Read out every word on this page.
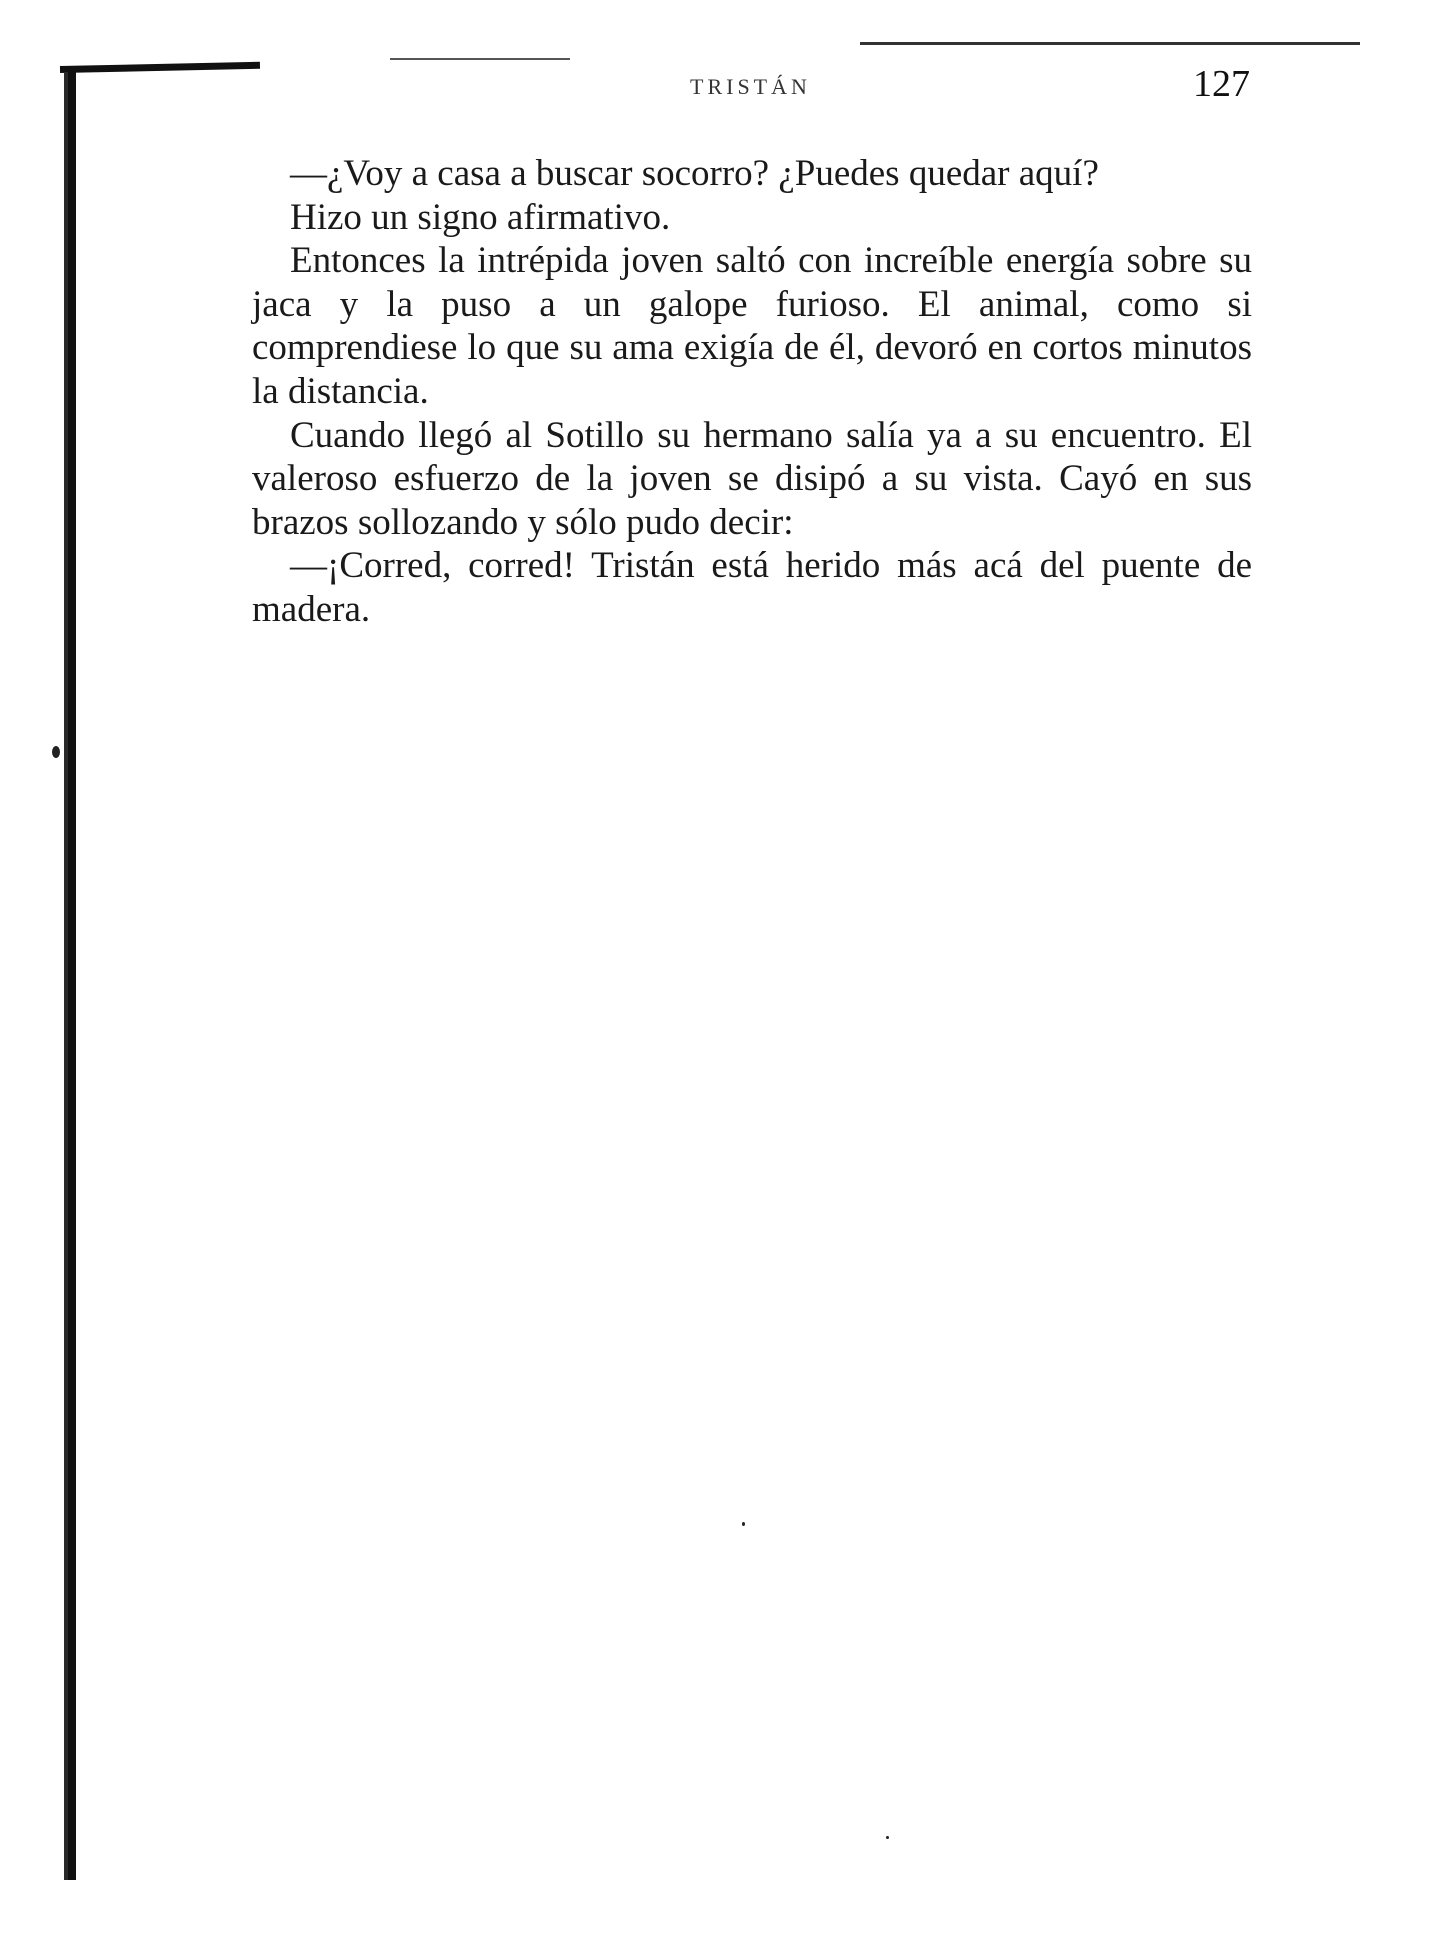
TRISTÁN	127

—¿Voy a casa a buscar socorro? ¿Puedes quedar aquí?

Hizo un signo afirmativo.

Entonces la intrépida joven saltó con increíble energía sobre su jaca y la puso a un galope furioso. El animal, como si comprendiese lo que su ama exigía de él, devoró en cortos minutos la distancia.

Cuando llegó al Sotillo su hermano salía ya a su encuentro. El valeroso esfuerzo de la joven se disipó a su vista. Cayó en sus brazos sollozando y sólo pudo decir:

—¡Corred, corred! Tristán está herido más acá del puente de madera.
